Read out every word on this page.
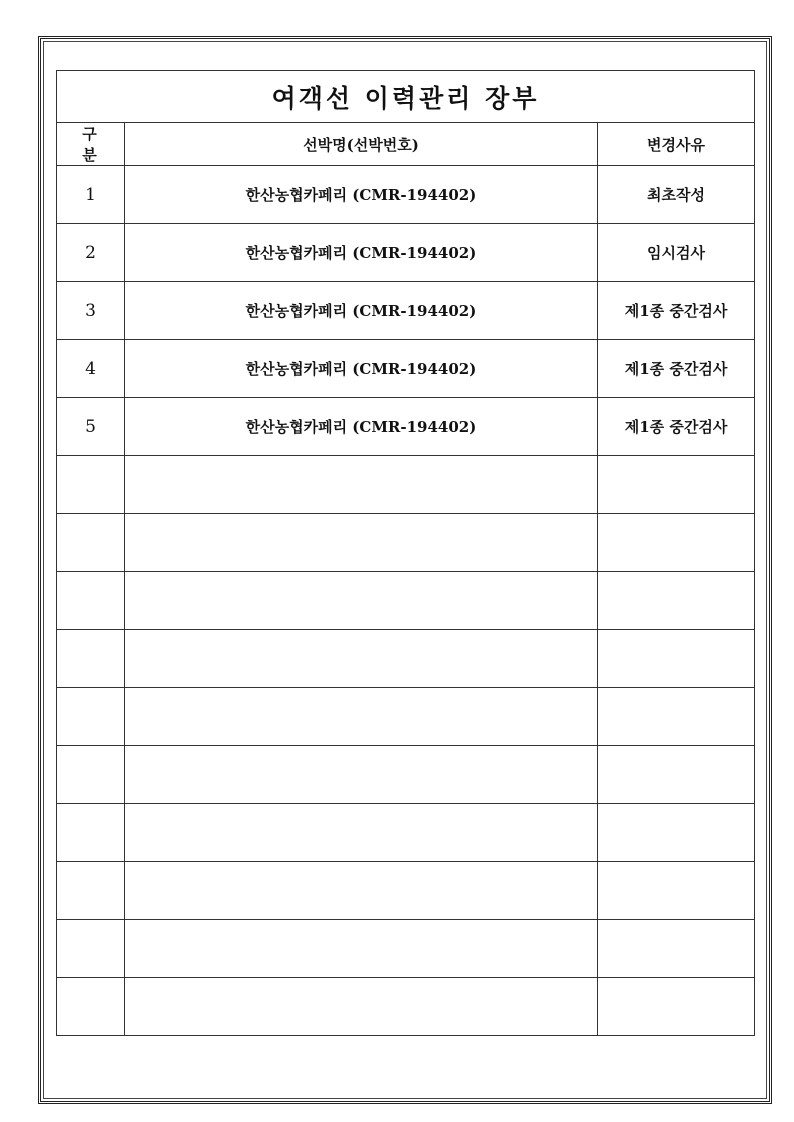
여객선 이력관리 장부		
구 분	선박명(선박번호)	변경사유
1	한산농협카페리 (CMR-194402)	최초작성
2	한산농협카페리 (CMR-194402)	임시검사
3	한산농협카페리 (CMR-194402)	제1종 중간검사
4	한산농협카페리 (CMR-194402)	제1종 중간검사
5	한산농협카페리 (CMR-194402)	제1종 중간검사
